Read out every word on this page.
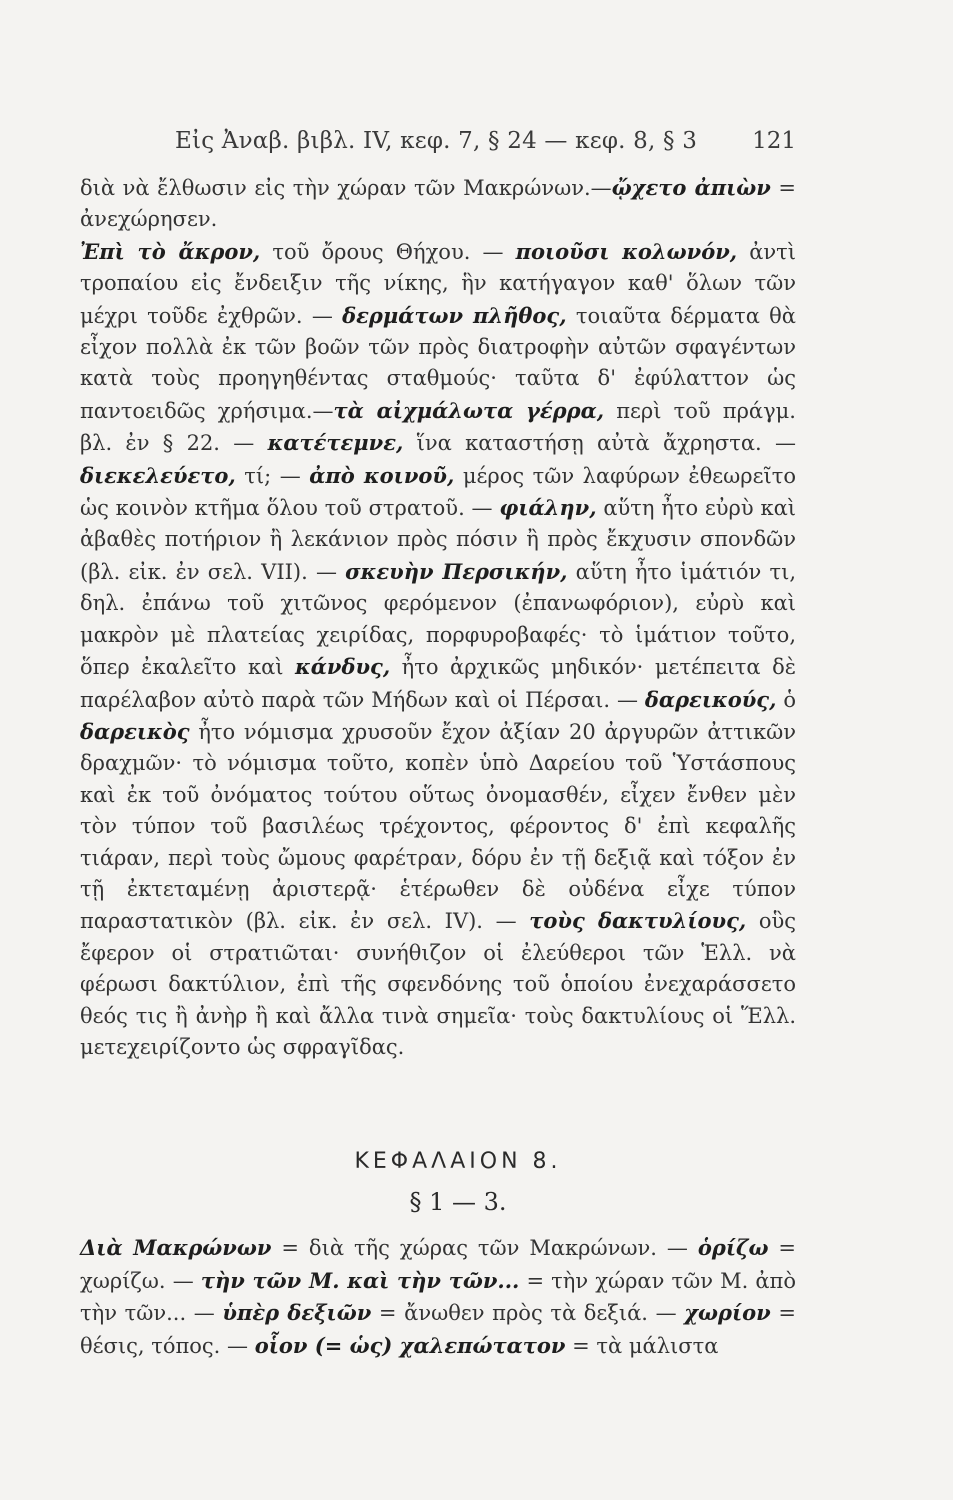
Εἰς Ἀναβ. βιβλ. IV, κεφ. 7, § 24 — κεφ. 8, § 3 121

διὰ νὰ ἔλθωσιν εἰς τὴν χώραν τῶν Μακρώνων.—ᾤχετο ἀπιὼν = ἀνεχώρησεν.

Ἐπὶ τὸ ἄκρον, τοῦ ὄρους Θήχου. — ποιοῦσι κολωνόν, ἀντὶ τροπαίου εἰς ἔνδειξιν τῆς νίκης, ἣν κατήγαγον καθ' ὅλων τῶν μέχρι τοῦδε ἐχθρῶν. — δερμάτων πλῆθος, τοιαῦτα δέρματα θὰ εἶχον πολλὰ ἐκ τῶν βοῶν τῶν πρὸς διατροφὴν αὐτῶν σφαγέντων κατὰ τοὺς προηγηθέντας σταθμούς· ταῦτα δ' ἐφύλαττον ὡς παντοειδῶς χρήσιμα.—τὰ αἰχμάλωτα γέρρα, περὶ τοῦ πράγμ. βλ. ἐν § 22. — κατέτεμνε, ἵνα καταστήσῃ αὐτὰ ἄχρηστα. — διεκελεύετο, τί; — ἀπὸ κοινοῦ, μέρος τῶν λαφύρων ἐθεωρεῖτο ὡς κοινὸν κτῆμα ὅλου τοῦ στρατοῦ. — φιάλην, αὕτη ἦτο εὐρὺ καὶ ἀβαθὲς ποτήριον ἢ λεκάνιον πρὸς πόσιν ἢ πρὸς ἔκχυσιν σπονδῶν (βλ. εἰκ. ἐν σελ. VII). — σκευὴν Περσικήν, αὕτη ἦτο ἱμάτιόν τι, δηλ. ἐπάνω τοῦ χιτῶνος φερόμενον (ἐπανωφόριον), εὐρὺ καὶ μακρὸν μὲ πλατείας χειρίδας, πορφυροβαφές· τὸ ἱμάτιον τοῦτο, ὅπερ ἐκαλεῖτο καὶ κάνδυς, ἦτο ἀρχικῶς μηδικόν· μετέπειτα δὲ παρέλαβον αὐτὸ παρὰ τῶν Μήδων καὶ οἱ Πέρσαι. — δαρεικούς, ὁ δαρεικὸς ἦτο νόμισμα χρυσοῦν ἔχον ἀξίαν 20 ἀργυρῶν ἀττικῶν δραχμῶν· τὸ νόμισμα τοῦτο, κοπὲν ὑπὸ Δαρείου τοῦ Ὑστάσπους καὶ ἐκ τοῦ ὀνόματος τούτου οὕτως ὀνομασθέν, εἶχεν ἔνθεν μὲν τὸν τύπον τοῦ βασιλέως τρέχοντος, φέροντος δ' ἐπὶ κεφαλῆς τιάραν, περὶ τοὺς ὤμους φαρέτραν, δόρυ ἐν τῇ δεξιᾷ καὶ τόξον ἐν τῇ ἐκτεταμένῃ ἀριστερᾷ· ἑτέρωθεν δὲ οὐδένα εἶχε τύπον παραστατικὸν (βλ. εἰκ. ἐν σελ. IV). — τοὺς δακτυλίους, οὓς ἔφερον οἱ στρατιῶται· συνήθιζον οἱ ἐλεύθεροι τῶν Ἑλλ. νὰ φέρωσι δακτύλιον, ἐπὶ τῆς σφενδόνης τοῦ ὁποίου ἐνεχαράσσετο θεός τις ἢ ἀνὴρ ἢ καὶ ἄλλα τινὰ σημεῖα· τοὺς δακτυλίους οἱ Ἕλλ. μετεχειρίζοντο ὡς σφραγῖδας.

ΚΕΦΑΛΑΙΟΝ 8.
§ 1 — 3.

Διὰ Μακρώνων = διὰ τῆς χώρας τῶν Μακρώνων. — ὁρίζω = χωρίζω. — τὴν τῶν Μ. καὶ τὴν τῶν... = τὴν χώραν τῶν Μ. ἀπὸ τὴν τῶν... — ὑπὲρ δεξιῶν = ἄνωθεν πρὸς τὰ δεξιά. — χωρίον = θέσις, τόπος. — οἷον (= ὡς) χαλεπώτατον = τὰ μάλιστα
